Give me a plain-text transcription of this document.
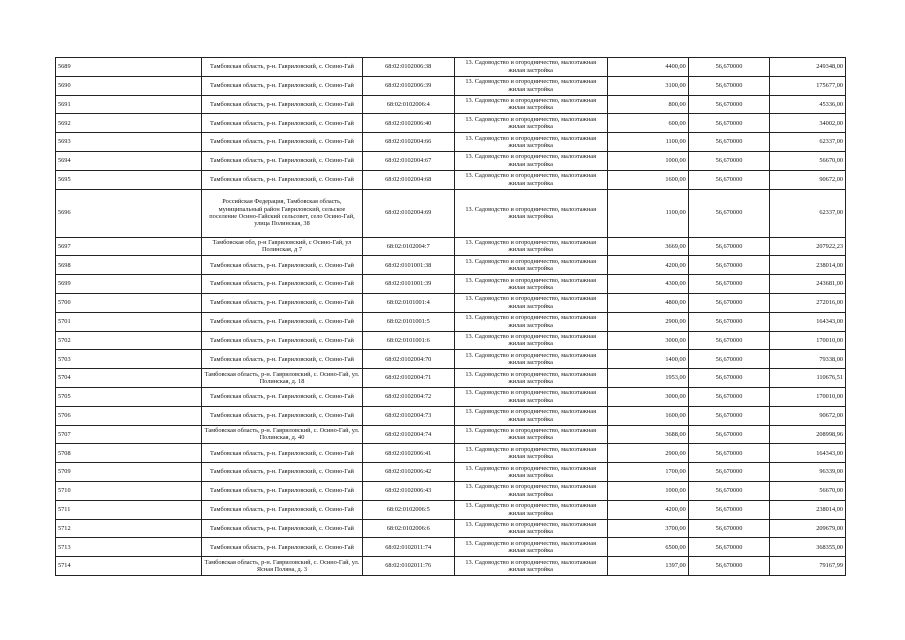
5689	Тамбовская область, р-н. Гавриловский, с. Осино-Гай	68:02:0102006:38	13. Садоводство и огородничество, малоэтажная жилая застройка	4400,00	56,670000	249348,00
5690	Тамбовская область, р-н. Гавриловский, с. Осино-Гай	68:02:0102006:39	13. Садоводство и огородничество, малоэтажная жилая застройка	3100,00	56,670000	175677,00
5691	Тамбовская область, р-н. Гавриловский, с. Осино-Гай	68:02:0102006:4	13. Садоводство и огородничество, малоэтажная жилая застройка	800,00	56,670000	45336,00
5692	Тамбовская область, р-н. Гавриловский, с. Осино-Гай	68:02:0102006:40	13. Садоводство и огородничество, малоэтажная жилая застройка	600,00	56,670000	34002,00
5693	Тамбовская область, р-н. Гавриловский, с. Осино-Гай	68:02:0102004:66	13. Садоводство и огородничество, малоэтажная жилая застройка	1100,00	56,670000	62337,00
5694	Тамбовская область, р-н. Гавриловский, с. Осино-Гай	68:02:0102004:67	13. Садоводство и огородничество, малоэтажная жилая застройка	1000,00	56,670000	56670,00
5695	Тамбовская область, р-н. Гавриловский, с. Осино-Гай	68:02:0102004:68	13. Садоводство и огородничество, малоэтажная жилая застройка	1600,00	56,670000	90672,00
5696	Российская Федерация, Тамбовская область, муниципальный район Гавриловский, сельское поселение Осино-Гайский сельсовет, село Осино-Гай, улица Полинская, 38	68:02:0102004:69	13. Садоводство и огородничество, малоэтажная жилая застройка	1100,00	56,670000	62337,00
5697	Тамбовская обл, р-н Гавриловский, с Осино-Гай, ул Полинская, д 7	68:02:0102004:7	13. Садоводство и огородничество, малоэтажная жилая застройка	3669,00	56,670000	207922,23
5698	Тамбовская область, р-н. Гавриловский, с. Осино-Гай	68:02:0101001:38	13. Садоводство и огородничество, малоэтажная жилая застройка	4200,00	56,670000	238014,00
5699	Тамбовская область, р-н. Гавриловский, с. Осино-Гай	68:02:0101001:39	13. Садоводство и огородничество, малоэтажная жилая застройка	4300,00	56,670000	243681,00
5700	Тамбовская область, р-н. Гавриловский, с. Осино-Гай	68:02:0101001:4	13. Садоводство и огородничество, малоэтажная жилая застройка	4800,00	56,670000	272016,00
5701	Тамбовская область, р-н. Гавриловский, с. Осино-Гай	68:02:0101001:5	13. Садоводство и огородничество, малоэтажная жилая застройка	2900,00	56,670000	164343,00
5702	Тамбовская область, р-н. Гавриловский, с. Осино-Гай	68:02:0101001:6	13. Садоводство и огородничество, малоэтажная жилая застройка	3000,00	56,670000	170010,00
5703	Тамбовская область, р-н. Гавриловский, с. Осино-Гай	68:02:0102004:70	13. Садоводство и огородничество, малоэтажная жилая застройка	1400,00	56,670000	79338,00
5704	Тамбовская область, р-н. Гавриловский, с. Осино-Гай, ул. Полинская, д. 18	68:02:0102004:71	13. Садоводство и огородничество, малоэтажная жилая застройка	1953,00	56,670000	110676,51
5705	Тамбовская область, р-н. Гавриловский, с. Осино-Гай	68:02:0102004:72	13. Садоводство и огородничество, малоэтажная жилая застройка	3000,00	56,670000	170010,00
5706	Тамбовская область, р-н. Гавриловский, с. Осино-Гай	68:02:0102004:73	13. Садоводство и огородничество, малоэтажная жилая застройка	1600,00	56,670000	90672,00
5707	Тамбовская область, р-н. Гавриловский, с. Осино-Гай, ул. Полинская, д. 40	68:02:0102004:74	13. Садоводство и огородничество, малоэтажная жилая застройка	3688,00	56,670000	208998,96
5708	Тамбовская область, р-н. Гавриловский, с. Осино-Гай	68:02:0102006:41	13. Садоводство и огородничество, малоэтажная жилая застройка	2900,00	56,670000	164343,00
5709	Тамбовская область, р-н. Гавриловский, с. Осино-Гай	68:02:0102006:42	13. Садоводство и огородничество, малоэтажная жилая застройка	1700,00	56,670000	96339,00
5710	Тамбовская область, р-н. Гавриловский, с. Осино-Гай	68:02:0102006:43	13. Садоводство и огородничество, малоэтажная жилая застройка	1000,00	56,670000	56670,00
5711	Тамбовская область, р-н. Гавриловский, с. Осино-Гай	68:02:0102006:5	13. Садоводство и огородничество, малоэтажная жилая застройка	4200,00	56,670000	238014,00
5712	Тамбовская область, р-н. Гавриловский, с. Осино-Гай	68:02:0102006:6	13. Садоводство и огородничество, малоэтажная жилая застройка	3700,00	56,670000	209679,00
5713	Тамбовская область, р-н. Гавриловский, с. Осино-Гай	68:02:0102011:74	13. Садоводство и огородничество, малоэтажная жилая застройка	6500,00	56,670000	368355,00
5714	Тамбовская область, р-н. Гавриловский, с. Осино-Гай, ул. Ясная Поляна, д. 3	68:02:0102011:76	13. Садоводство и огородничество, малоэтажная жилая застройка	1397,00	56,670000	79167,99
